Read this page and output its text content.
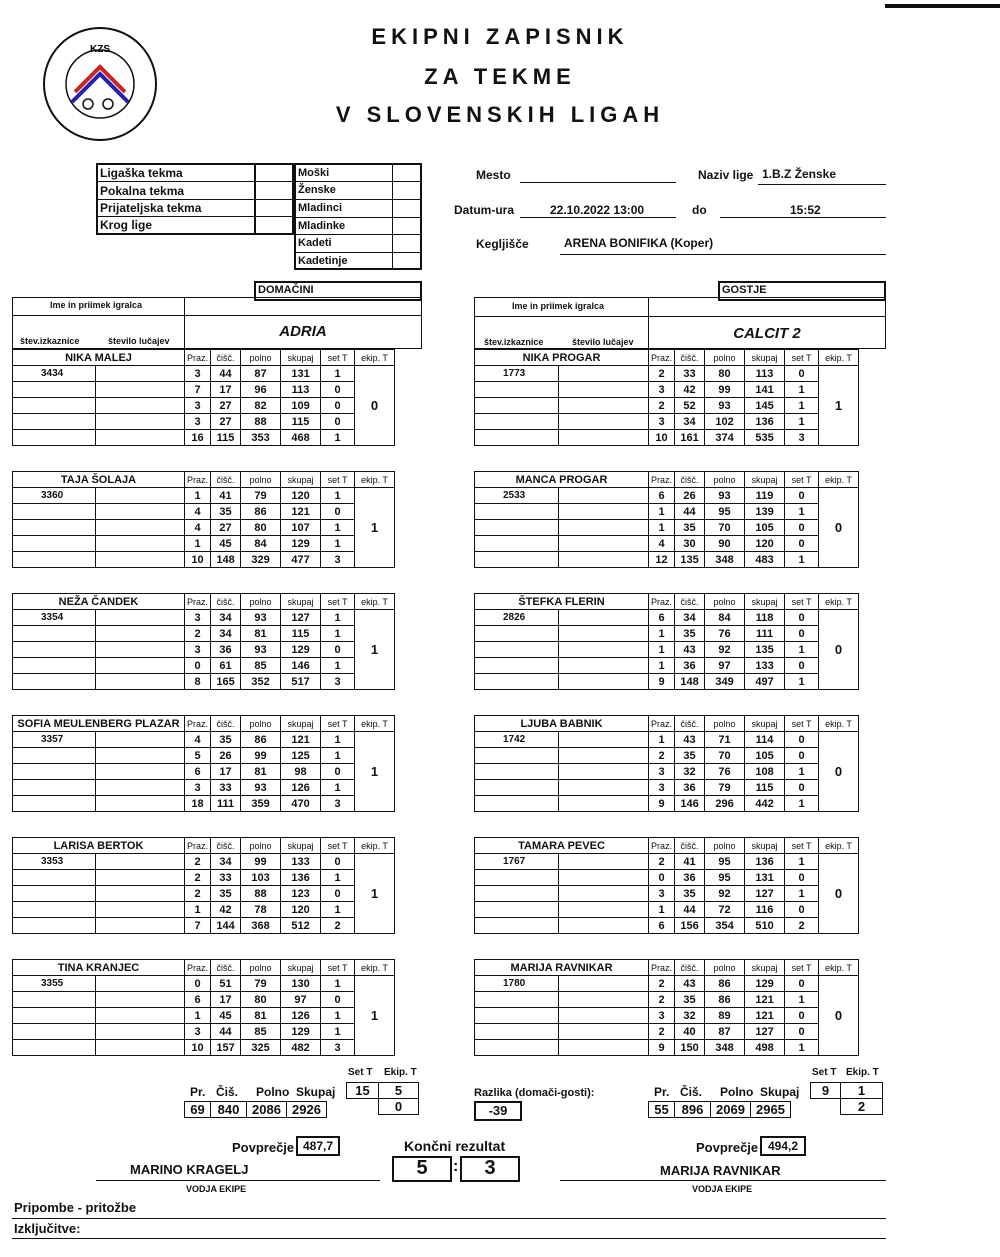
KZS
EKIPNI ZAPISNIK
ZA TEKME
V SLOVENSKIH LIGAH
Ligaška tekma
Pokalna tekma
Prijateljska tekma
Krog lige
Moški
Ženske
Mladinci
Mladinke
Kadeti
Kadetinje
Mesto	Naziv lige 1.B.Z Ženske
Datum-ura	22.10.2022 13:00	do	15:52
Kegljišče	ARENA BONIFIKA (Koper)
DOMAČINI	GOSTJE
Ime in priimek igralca
štev.izkaznice	število lučajev
ADRIA
Ime in priimek igralca
štev.izkaznice	število lučajev	CALCIT 2
NIKA MALEJ		Praz.	čišč.	polno	skupaj	set T	ekip. T
3434		3	44	87	131	1	0
		7	17	96	113	0	
		3	27	82	109	0	
		3	27	88	115	0	
		16	115	353	468	1	
TAJA ŠOLAJA		Praz.	čišč.	polno	skupaj	set T	ekip. T
3360		1	41	79	120	1	1
		4	35	86	121	0	
		4	27	80	107	1	
		1	45	84	129	1	
		10	148	329	477	3	
NEŽA ČANDEK		Praz.	čišč.	polno	skupaj	set T	ekip. T
3354		3	34	93	127	1	1
		2	34	81	115	1	
		3	36	93	129	0	
		0	61	85	146	1	
		8	165	352	517	3	
SOFIA MEULENBERG PLAZAR		Praz.	čišč.	polno	skupaj	set T	ekip. T
3357		4	35	86	121	1	1
		5	26	99	125	1	
		6	17	81	98	0	
		3	33	93	126	1	
		18	111	359	470	3	
LARISA BERTOK		Praz.	čišč.	polno	skupaj	set T	ekip. T
3353		2	34	99	133	0	1
		2	33	103	136	1	
		2	35	88	123	0	
		1	42	78	120	1	
		7	144	368	512	2	
TINA KRANJEC		Praz.	čišč.	polno	skupaj	set T	ekip. T
3355		0	51	79	130	1	1
		6	17	80	97	0	
		1	45	81	126	1	
		3	44	85	129	1	
		10	157	325	482	3	
NIKA PROGAR		Praz.	čišč.	polno	skupaj	set T	ekip. T
1773		2	33	80	113	0	1
		3	42	99	141	1	
		2	52	93	145	1	
		3	34	102	136	1	
		10	161	374	535	3	
MANCA PROGAR		Praz.	čišč.	polno	skupaj	set T	ekip. T
2533		6	26	93	119	0	0
		1	44	95	139	1	
		1	35	70	105	0	
		4	30	90	120	0	
		12	135	348	483	1	
ŠTEFKA FLERIN		Praz.	čišč.	polno	skupaj	set T	ekip. T
2826		6	34	84	118	0	0
		1	35	76	111	0	
		1	43	92	135	1	
		1	36	97	133	0	
		9	148	349	497	1	
LJUBA BABNIK		Praz.	čišč.	polno	skupaj	set T	ekip. T
1742		1	43	71	114	0	0
		2	35	70	105	0	
		3	32	76	108	1	
		3	36	79	115	0	
		9	146	296	442	1	
TAMARA PEVEC		Praz.	čišč.	polno	skupaj	set T	ekip. T
1767		2	41	95	136	1	0
		0	36	95	131	0	
		3	35	92	127	1	
		1	44	72	116	0	
		6	156	354	510	2	
MARIJA RAVNIKAR		Praz.	čišč.	polno	skupaj	set T	ekip. T
1780		2	43	86	129	0	0
		2	35	86	121	1	
		3	32	89	121	0	
		2	40	87	127	0	
		9	150	348	498	1	
Set T Ekip. T
Pr. Čiš. Polno Skupaj
69	840	2086	2926
15	5
	0
Razlika (domači-gosti):
-39
Set T Ekip. T
Pr. Čiš. Polno Skupaj
55	896	2069	2965
9	1
	2
Povprečje 487,7	Končni rezultat
5	:	3
Povprečje 494,2
MARINO KRAGELJ
VODJA EKIPE
MARIJA RAVNIKAR
VODJA EKIPE
Pripombe - pritožbe
Izključitve:
